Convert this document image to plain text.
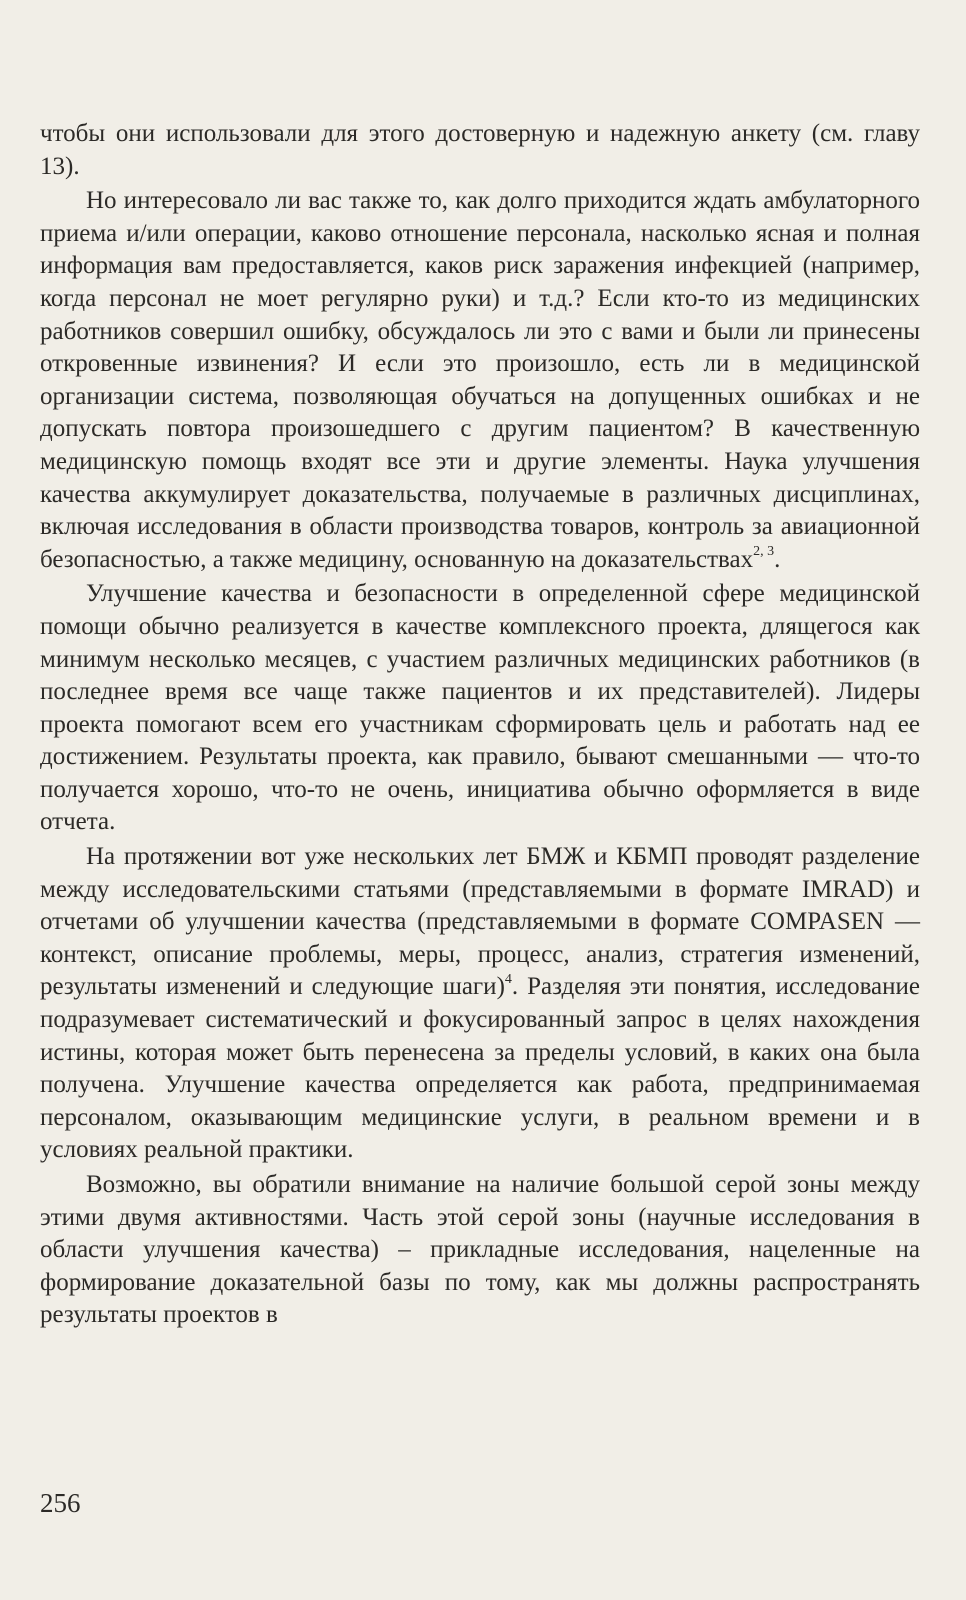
чтобы они использовали для этого достоверную и надежную анкету (см. главу 13).

Но интересовало ли вас также то, как долго приходится ждать амбулаторного приема и/или операции, каково отношение персонала, насколько ясная и полная информация вам предоставляется, каков риск заражения инфекцией (например, когда персонал не моет регулярно руки) и т.д.? Если кто-то из медицинских работников совершил ошибку, обсуждалось ли это с вами и были ли принесены откровенные извинения? И если это произошло, есть ли в медицинской организации система, позволяющая обучаться на допущенных ошибках и не допускать повтора произошедшего с другим пациентом? В качественную медицинскую помощь входят все эти и другие элементы. Наука улучшения качества аккумулирует доказательства, получаемые в различных дисциплинах, включая исследования в области производства товаров, контроль за авиационной безопасностью, а также медицину, основанную на доказательствах$^{2, 3}$.

Улучшение качества и безопасности в определенной сфере медицинской помощи обычно реализуется в качестве комплексного проекта, длящегося как минимум несколько месяцев, с участием различных медицинских работников (в последнее время все чаще также пациентов и их представителей). Лидеры проекта помогают всем его участникам сформировать цель и работать над ее достижением. Результаты проекта, как правило, бывают смешанными — что-то получается хорошо, что-то не очень, инициатива обычно оформляется в виде отчета.

На протяжении вот уже нескольких лет БМЖ и КБМП проводят разделение между исследовательскими статьями (представляемыми в формате IMRAD) и отчетами об улучшении качества (представляемыми в формате COMPASEN — контекст, описание проблемы, меры, процесс, анализ, стратегия изменений, результаты изменений и следующие шаги)$^4$. Разделяя эти понятия, исследование подразумевает систематический и фокусированный запрос в целях нахождения истины, которая может быть перенесена за пределы условий, в каких она была получена. Улучшение качества определяется как работа, предпринимаемая персоналом, оказывающим медицинские услуги, в реальном времени и в условиях реальной практики.

Возможно, вы обратили внимание на наличие большой серой зоны между этими двумя активностями. Часть этой серой зоны (научные исследования в области улучшения качества) – прикладные исследования, нацеленные на формирование доказательной базы по тому, как мы должны распространять результаты проектов в

256
